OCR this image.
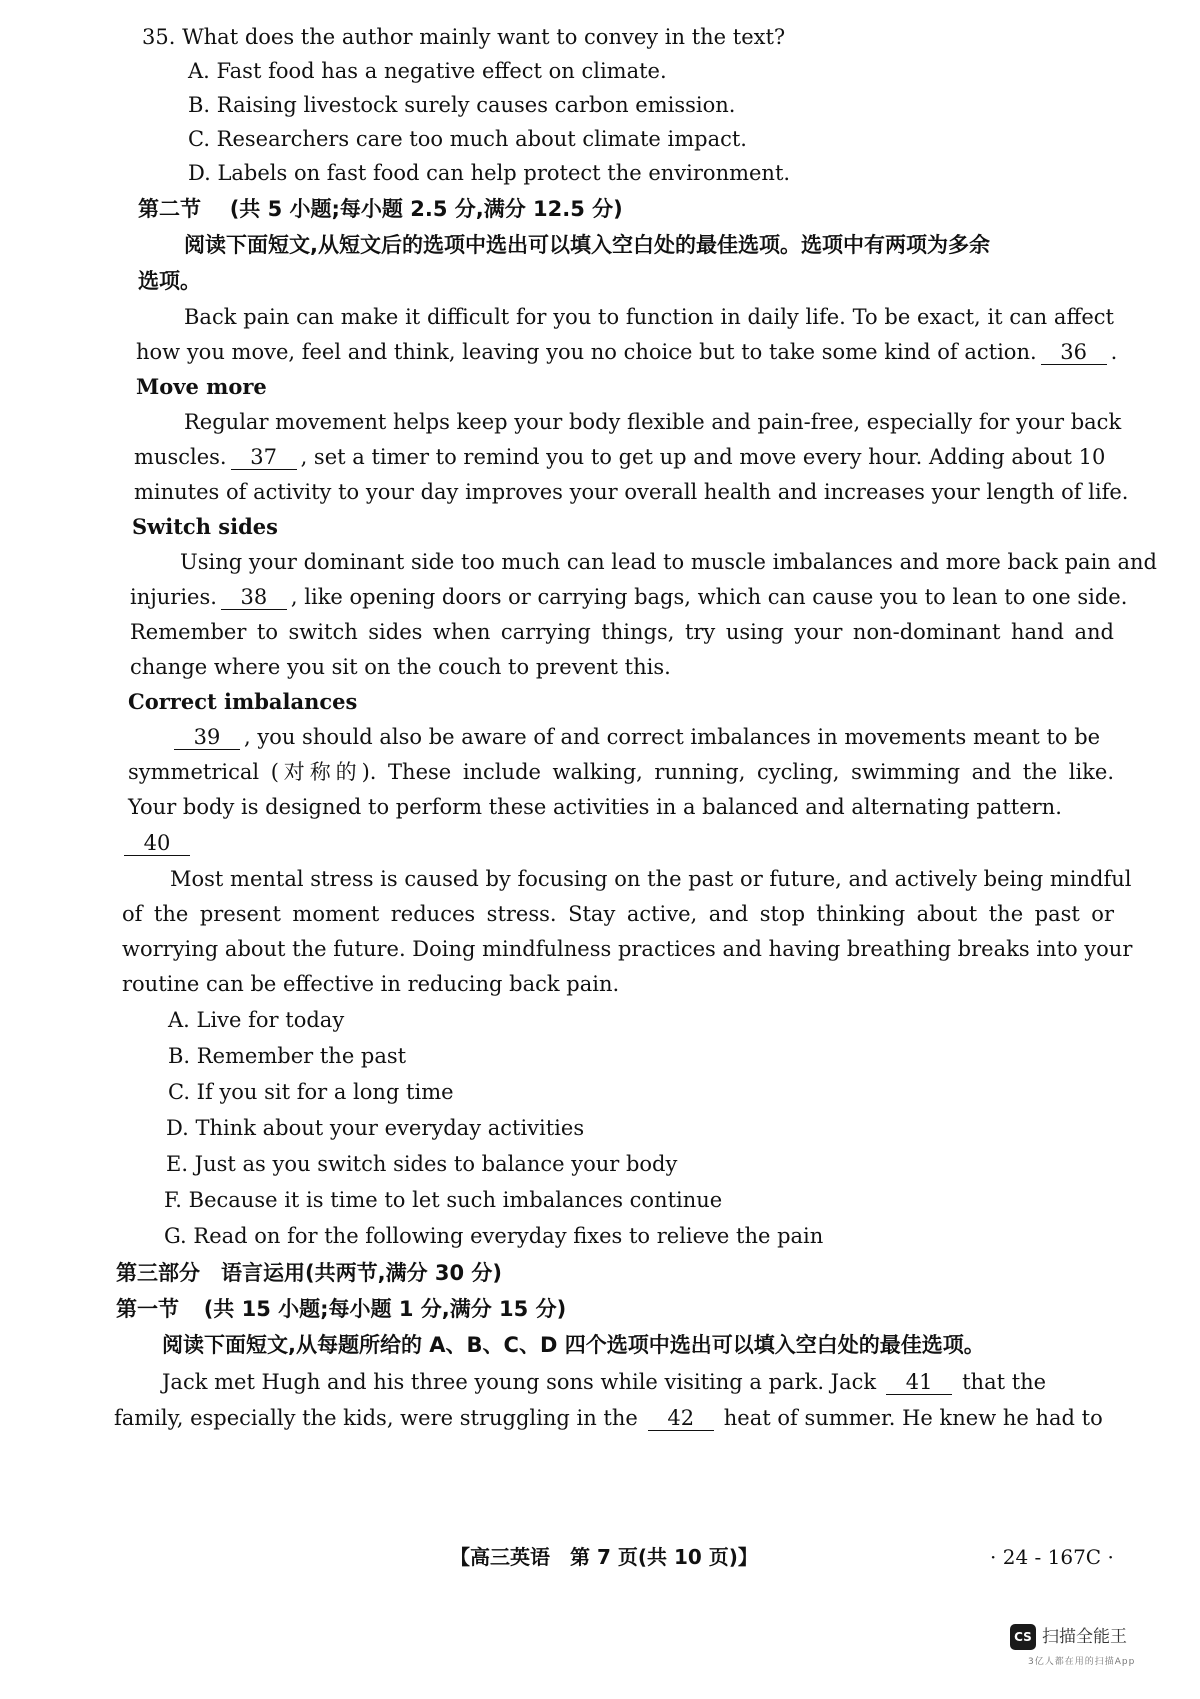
35. What does the author mainly want to convey in the text?
A. Fast food has a negative effect on climate.
B. Raising livestock surely causes carbon emission.
C. Researchers care too much about climate impact.
D. Labels on fast food can help protect the environment.
第二节 (共 5 小题;每小题 2.5 分,满分 12.5 分)
阅读下面短文,从短文后的选项中选出可以填入空白处的最佳选项。选项中有两项为多余
选项。
Back pain can make it difficult for you to function in daily life. To be exact, it can affect
how you move, feel and think, leaving you no choice but to take some kind of action. 36 .
Move more
Regular movement helps keep your body flexible and pain-free, especially for your back
muscles. 37 , set a timer to remind you to get up and move every hour. Adding about 10
minutes of activity to your day improves your overall health and increases your length of life.
Switch sides
Using your dominant side too much can lead to muscle imbalances and more back pain and
injuries. 38 , like opening doors or carrying bags, which can cause you to lean to one side.
Remember to switch sides when carrying things, try using your non-dominant hand and
change where you sit on the couch to prevent this.
Correct imbalances
39 , you should also be aware of and correct imbalances in movements meant to be
symmetrical (对称的). These include walking, running, cycling, swimming and the like.
Your body is designed to perform these activities in a balanced and alternating pattern.
40
Most mental stress is caused by focusing on the past or future, and actively being mindful
of the present moment reduces stress. Stay active, and stop thinking about the past or
worrying about the future. Doing mindfulness practices and having breathing breaks into your
routine can be effective in reducing back pain.
A. Live for today
B. Remember the past
C. If you sit for a long time
D. Think about your everyday activities
E. Just as you switch sides to balance your body
F. Because it is time to let such imbalances continue
G. Read on for the following everyday fixes to relieve the pain
第三部分　语言运用(共两节,满分 30 分)
第一节 (共 15 小题;每小题 1 分,满分 15 分)
阅读下面短文,从每题所给的 A、B、C、D 四个选项中选出可以填入空白处的最佳选项。
Jack met Hugh and his three young sons while visiting a park. Jack 41 that the
family, especially the kids, were struggling in the 42 heat of summer. He knew he had to
【高三英语　第 7 页(共 10 页)】	· 24 - 167C ·
CS 扫描全能王
3亿人都在用的扫描App
